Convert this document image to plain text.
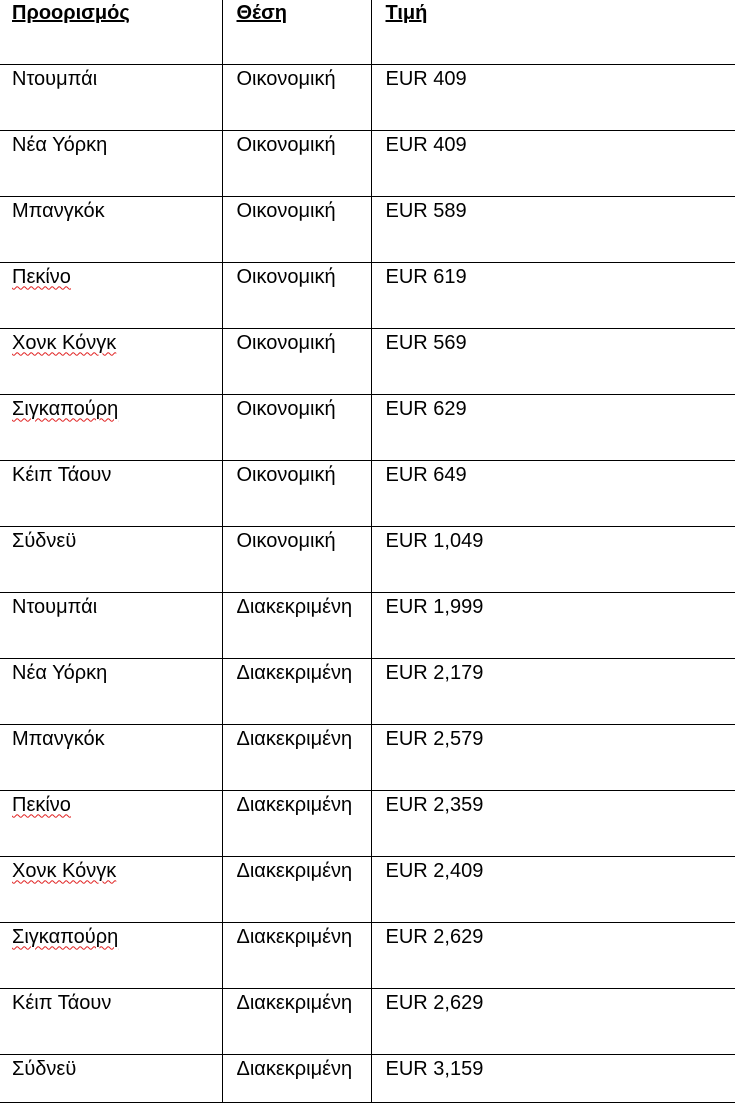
Προορισμός	Θέση	Τιμή
Ντουμπάι	Οικονομική	EUR 409
Νέα Υόρκη	Οικονομική	EUR 409
Μπανγκόκ	Οικονομική	EUR 589
Πεκίνο	Οικονομική	EUR 619
Χονκ Κόνγκ	Οικονομική	EUR 569
Σιγκαπούρη	Οικονομική	EUR 629
Κέιπ Τάουν	Οικονομική	EUR 649
Σύδνεϋ	Οικονομική	EUR 1,049
Ντουμπάι	Διακεκριμένη	EUR 1,999
Νέα Υόρκη	Διακεκριμένη	EUR 2,179
Μπανγκόκ	Διακεκριμένη	EUR 2,579
Πεκίνο	Διακεκριμένη	EUR 2,359
Χονκ Κόνγκ	Διακεκριμένη	EUR 2,409
Σιγκαπούρη	Διακεκριμένη	EUR 2,629
Κέιπ Τάουν	Διακεκριμένη	EUR 2,629
Σύδνεϋ	Διακεκριμένη	EUR 3,159
